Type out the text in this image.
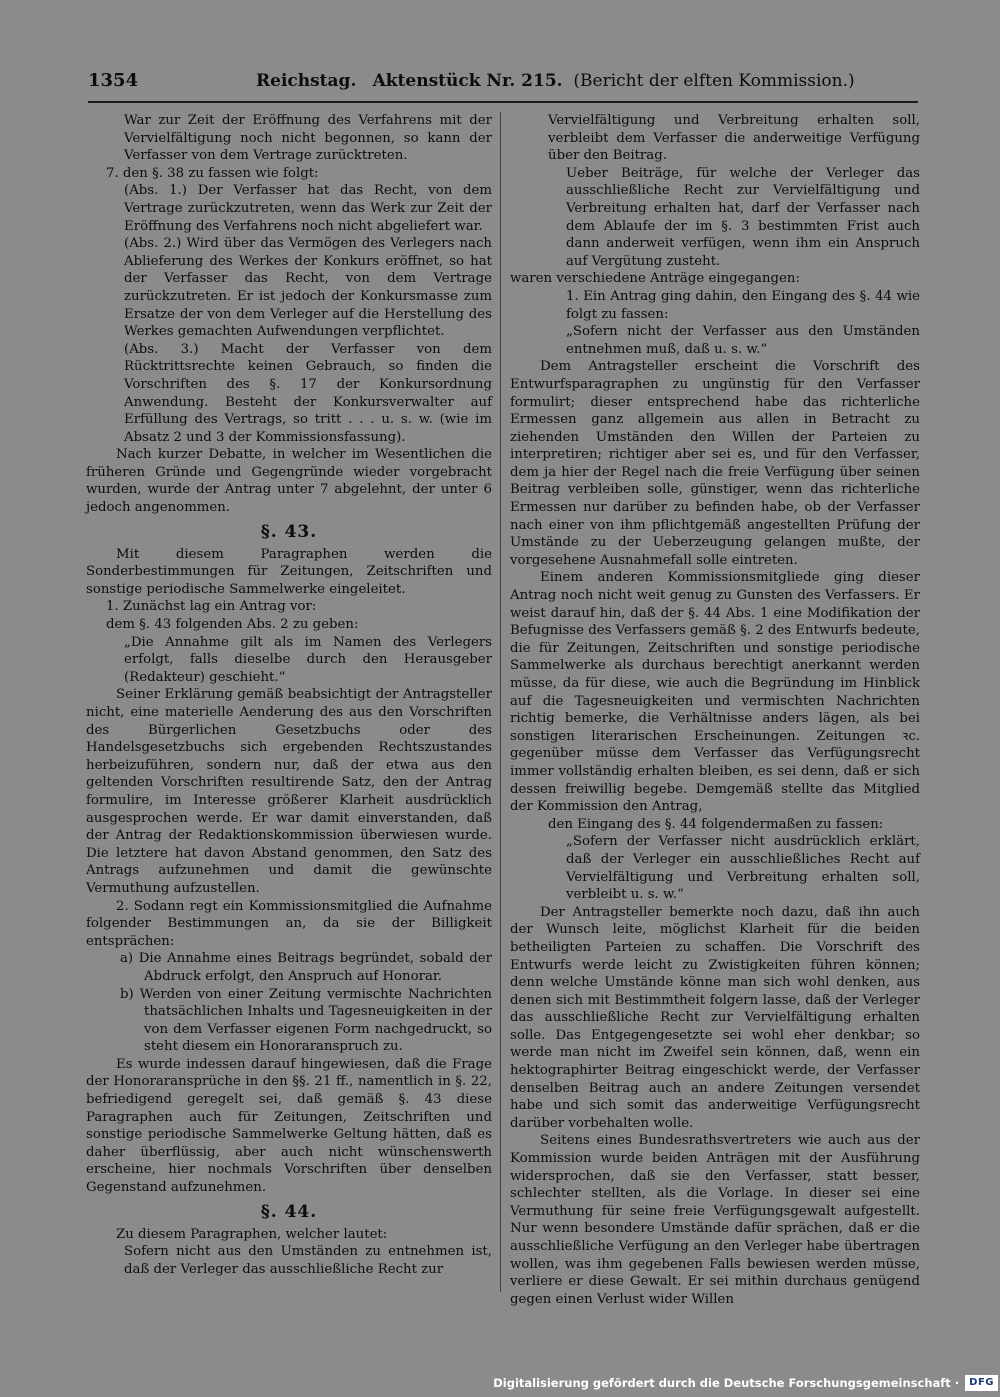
1354	Reichstag. Aktenstück Nr. 215. (Bericht der elften Kommission.)

War zur Zeit der Eröffnung des Verfahrens mit der Vervielfältigung noch nicht begonnen, so kann der Verfasser von dem Vertrage zurücktreten.

7. den §. 38 zu fassen wie folgt:

(Abs. 1.) Der Verfasser hat das Recht, von dem Vertrage zurückzutreten, wenn das Werk zur Zeit der Eröffnung des Verfahrens noch nicht abgeliefert war.

(Abs. 2.) Wird über das Vermögen des Verlegers nach Ablieferung des Werkes der Konkurs eröffnet, so hat der Verfasser das Recht, von dem Vertrage zurückzutreten. Er ist jedoch der Konkursmasse zum Ersatze der von dem Verleger auf die Herstellung des Werkes gemachten Aufwendungen verpflichtet.

(Abs. 3.) Macht der Verfasser von dem Rücktrittsrechte keinen Gebrauch, so finden die Vorschriften des §. 17 der Konkursordnung Anwendung. Besteht der Konkursverwalter auf Erfüllung des Vertrags, so tritt . . . u. s. w. (wie im Absatz 2 und 3 der Kommissionsfassung).

Nach kurzer Debatte, in welcher im Wesentlichen die früheren Gründe und Gegengründe wieder vorgebracht wurden, wurde der Antrag unter 7 abgelehnt, der unter 6 jedoch angenommen.

§. 43.

Mit diesem Paragraphen werden die Sonderbestimmungen für Zeitungen, Zeitschriften und sonstige periodische Sammelwerke eingeleitet.

1. Zunächst lag ein Antrag vor:

dem §. 43 folgenden Abs. 2 zu geben:

„Die Annahme gilt als im Namen des Verlegers erfolgt, falls dieselbe durch den Herausgeber (Redakteur) geschieht.“

Seiner Erklärung gemäß beabsichtigt der Antragsteller nicht, eine materielle Aenderung des aus den Vorschriften des Bürgerlichen Gesetzbuchs oder des Handelsgesetzbuchs sich ergebenden Rechtszustandes herbeizuführen, sondern nur, daß der etwa aus den geltenden Vorschriften resultirende Satz, den der Antrag formulire, im Interesse größerer Klarheit ausdrücklich ausgesprochen werde. Er war damit einverstanden, daß der Antrag der Redaktionskommission überwiesen wurde. Die letztere hat davon Abstand genommen, den Satz des Antrags aufzunehmen und damit die gewünschte Vermuthung aufzustellen.

2. Sodann regt ein Kommissionsmitglied die Aufnahme folgender Bestimmungen an, da sie der Billigkeit entsprächen:

a) Die Annahme eines Beitrags begründet, sobald der Abdruck erfolgt, den Anspruch auf Honorar.

b) Werden von einer Zeitung vermischte Nachrichten thatsächlichen Inhalts und Tagesneuigkeiten in der von dem Verfasser eigenen Form nachgedruckt, so steht diesem ein Honoraranspruch zu.

Es wurde indessen darauf hingewiesen, daß die Frage der Honoraransprüche in den §§. 21 ff., namentlich in §. 22, befriedigend geregelt sei, daß gemäß §. 43 diese Paragraphen auch für Zeitungen, Zeitschriften und sonstige periodische Sammelwerke Geltung hätten, daß es daher überflüssig, aber auch nicht wünschenswerth erscheine, hier nochmals Vorschriften über denselben Gegenstand aufzunehmen.

§. 44.

Zu diesem Paragraphen, welcher lautet:

Sofern nicht aus den Umständen zu entnehmen ist, daß der Verleger das ausschließliche Recht zur

Vervielfältigung und Verbreitung erhalten soll, verbleibt dem Verfasser die anderweitige Verfügung über den Beitrag.

Ueber Beiträge, für welche der Verleger das ausschließliche Recht zur Vervielfältigung und Verbreitung erhalten hat, darf der Verfasser nach dem Ablaufe der im §. 3 bestimmten Frist auch dann anderweit verfügen, wenn ihm ein Anspruch auf Vergütung zusteht.

waren verschiedene Anträge eingegangen:

1. Ein Antrag ging dahin, den Eingang des §. 44 wie folgt zu fassen:

„Sofern nicht der Verfasser aus den Umständen entnehmen muß, daß u. s. w.“

Dem Antragsteller erscheint die Vorschrift des Entwurfsparagraphen zu ungünstig für den Verfasser formulirt; dieser entsprechend habe das richterliche Ermessen ganz allgemein aus allen in Betracht zu ziehenden Umständen den Willen der Parteien zu interpretiren; richtiger aber sei es, und für den Verfasser, dem ja hier der Regel nach die freie Verfügung über seinen Beitrag verbleiben solle, günstiger, wenn das richterliche Ermessen nur darüber zu befinden habe, ob der Verfasser nach einer von ihm pflichtgemäß angestellten Prüfung der Umstände zu der Ueberzeugung gelangen mußte, der vorgesehene Ausnahmefall solle eintreten.

Einem anderen Kommissionsmitgliede ging dieser Antrag noch nicht weit genug zu Gunsten des Verfassers. Er weist darauf hin, daß der §. 44 Abs. 1 eine Modifikation der Befugnisse des Verfassers gemäß §. 2 des Entwurfs bedeute, die für Zeitungen, Zeitschriften und sonstige periodische Sammelwerke als durchaus berechtigt anerkannt werden müsse, da für diese, wie auch die Begründung im Hinblick auf die Tagesneuigkeiten und vermischten Nachrichten richtig bemerke, die Verhältnisse anders lägen, als bei sonstigen literarischen Erscheinungen. Zeitungen ꝛc. gegenüber müsse dem Verfasser das Verfügungsrecht immer vollständig erhalten bleiben, es sei denn, daß er sich dessen freiwillig begebe. Demgemäß stellte das Mitglied der Kommission den Antrag,

den Eingang des §. 44 folgendermaßen zu fassen:

„Sofern der Verfasser nicht ausdrücklich erklärt, daß der Verleger ein ausschließliches Recht auf Vervielfältigung und Verbreitung erhalten soll, verbleibt u. s. w.“

Der Antragsteller bemerkte noch dazu, daß ihn auch der Wunsch leite, möglichst Klarheit für die beiden betheiligten Parteien zu schaffen. Die Vorschrift des Entwurfs werde leicht zu Zwistigkeiten führen können; denn welche Umstände könne man sich wohl denken, aus denen sich mit Bestimmtheit folgern lasse, daß der Verleger das ausschließliche Recht zur Vervielfältigung erhalten solle. Das Entgegengesetzte sei wohl eher denkbar; so werde man nicht im Zweifel sein können, daß, wenn ein hektographirter Beitrag eingeschickt werde, der Verfasser denselben Beitrag auch an andere Zeitungen versendet habe und sich somit das anderweitige Verfügungsrecht darüber vorbehalten wolle.

Seitens eines Bundesrathsvertreters wie auch aus der Kommission wurde beiden Anträgen mit der Ausführung widersprochen, daß sie den Verfasser, statt besser, schlechter stellten, als die Vorlage. In dieser sei eine Vermuthung für seine freie Verfügungsgewalt aufgestellt. Nur wenn besondere Umstände dafür sprächen, daß er die ausschließliche Verfügung an den Verleger habe übertragen wollen, was ihm gegebenen Falls bewiesen werden müsse, verliere er diese Gewalt. Er sei mithin durchaus genügend gegen einen Verlust wider Willen

Digitalisierung gefördert durch die Deutsche Forschungsgemeinschaft ·	DFG
